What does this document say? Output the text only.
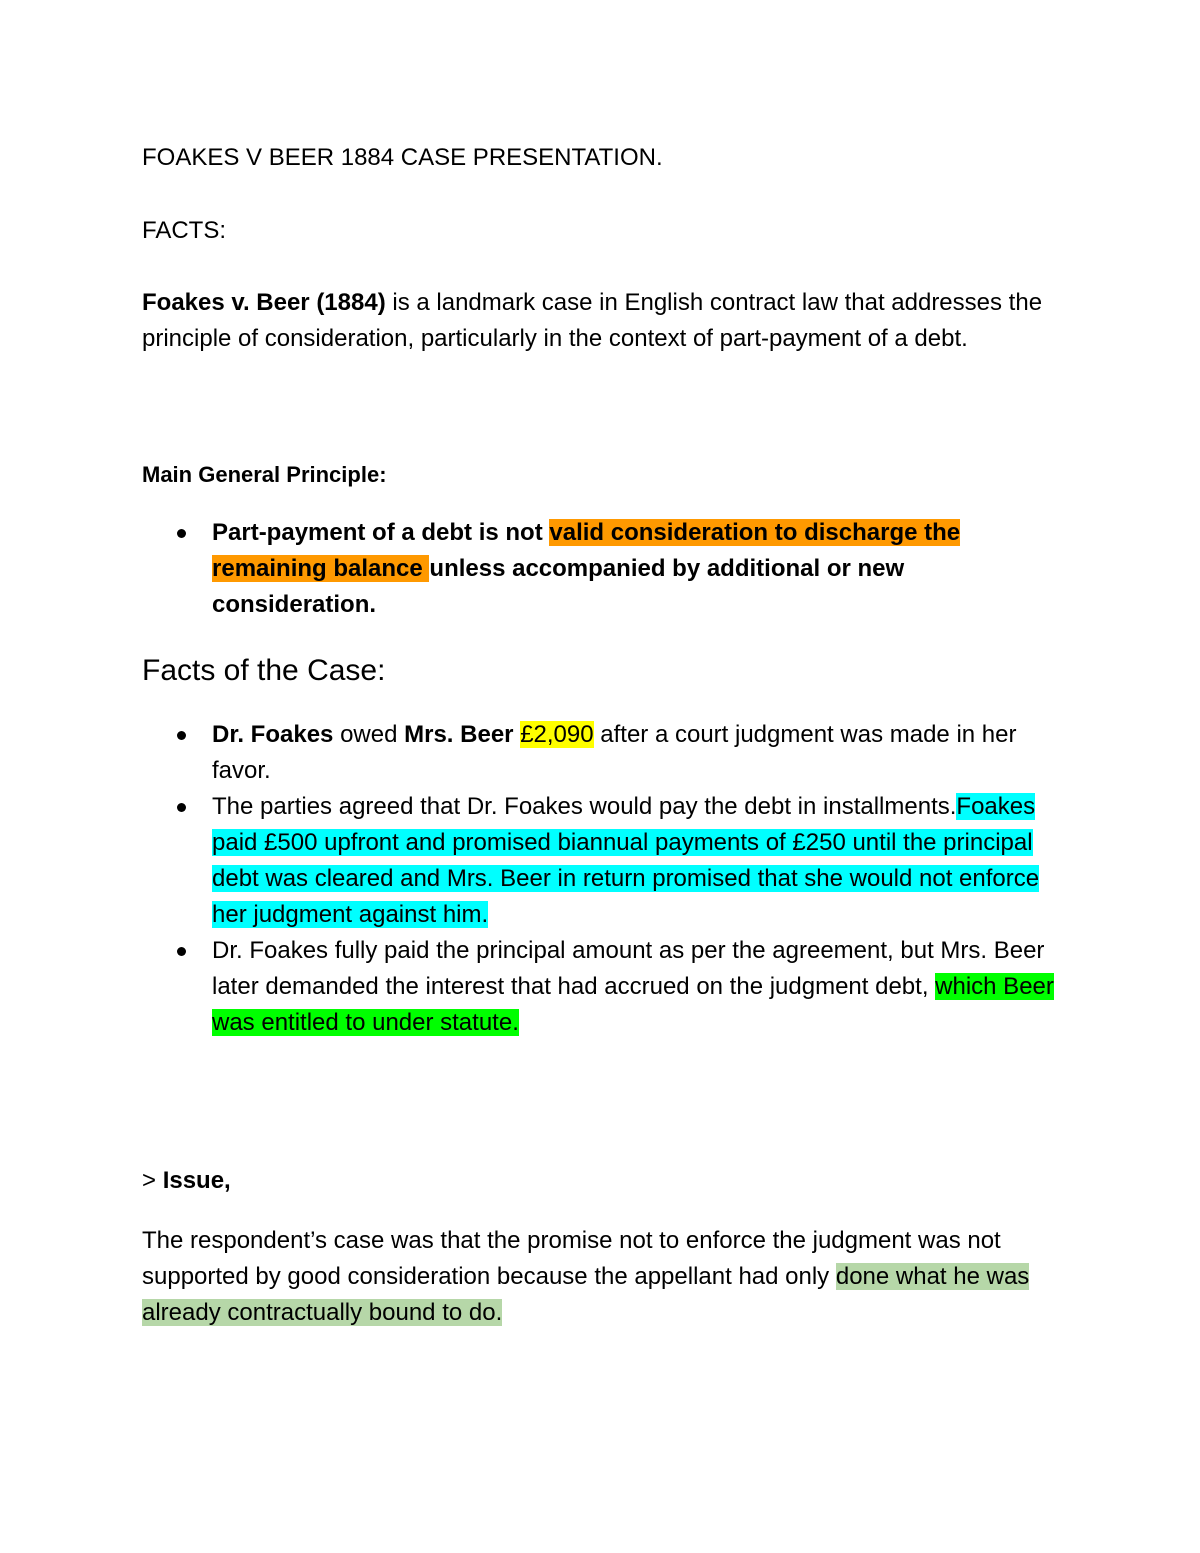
FOAKES V BEER 1884 CASE PRESENTATION.

FACTS:

Foakes v. Beer (1884) is a landmark case in English contract law that addresses the principle of consideration, particularly in the context of part-payment of a debt.

Main General Principle:

Part-payment of a debt is not valid consideration to discharge the remaining balance unless accompanied by additional or new consideration.

Facts of the Case:

Dr. Foakes owed Mrs. Beer £2,090 after a court judgment was made in her favor.
The parties agreed that Dr. Foakes would pay the debt in installments.Foakes paid £500 upfront and promised biannual payments of £250 until the principal debt was cleared and Mrs. Beer in return promised that she would not enforce her judgment against him.
Dr. Foakes fully paid the principal amount as per the agreement, but Mrs. Beer later demanded the interest that had accrued on the judgment debt, which Beer was entitled to under statute.

> Issue,

The respondent’s case was that the promise not to enforce the judgment was not supported by good consideration because the appellant had only done what he was already contractually bound to do.
